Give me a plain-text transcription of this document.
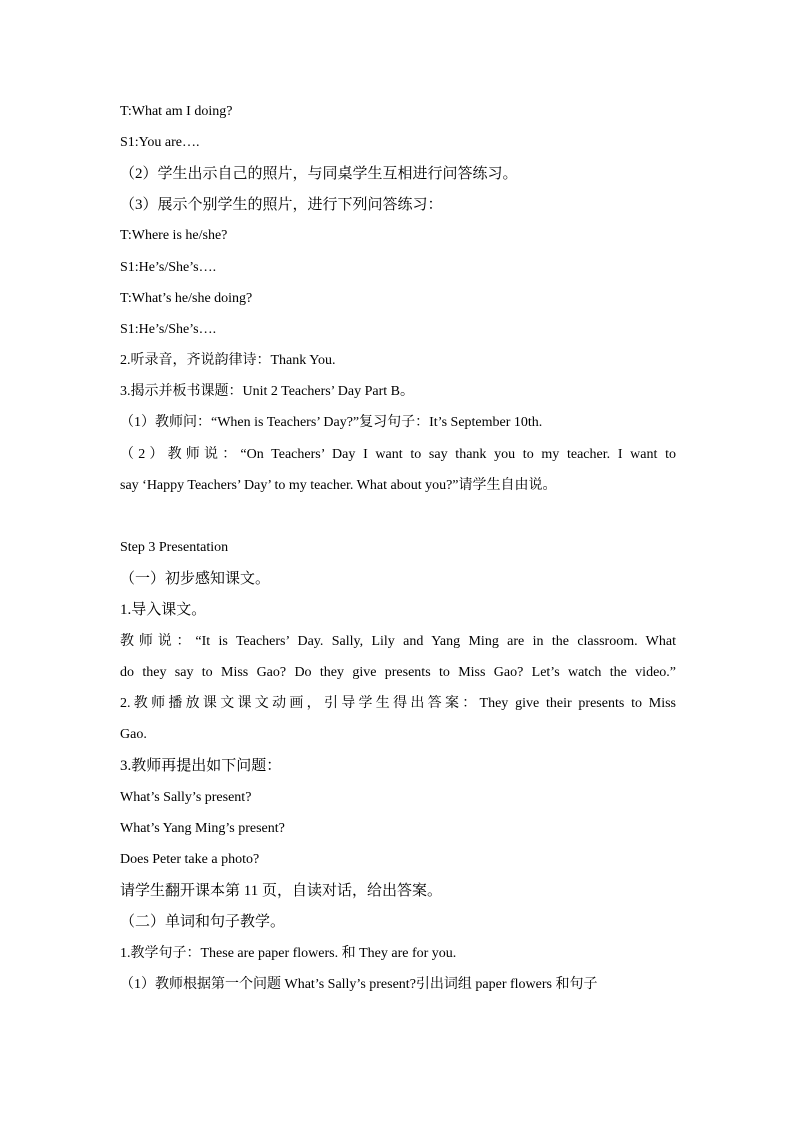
T:What am I doing?
S1:You are….
（2）学生出示自己的照片，与同桌学生互相进行问答练习。
（3）展示个别学生的照片，进行下列问答练习：
T:Where is he/she?
S1:He’s/She’s….
T:What’s he/she doing?
S1:He’s/She’s….
2.听录音，齐说韵律诗：Thank You.
3.揭示并板书课题：Unit 2 Teachers’ Day Part B。
（1）教师问：“When is Teachers’ Day?”复习句子：It’s September 10th.
（2）教师说：“On Teachers’ Day I want to say thank you to my teacher. I want to
say ‘Happy Teachers’ Day’ to my teacher. What about you?”请学生自由说。
Step 3 Presentation
（一）初步感知课文。
1.导入课文。
教师说：“It is Teachers’ Day. Sally, Lily and Yang Ming are in the classroom. What
do they say to Miss Gao? Do they give presents to Miss Gao? Let’s watch the video.”
2.教师播放课文课文动画，引导学生得出答案：They give their presents to Miss
Gao.
3.教师再提出如下问题：
What’s Sally’s present?
What’s Yang Ming’s present?
Does Peter take a photo?
请学生翻开课本第 11 页，自读对话，给出答案。
（二）单词和句子教学。
1.教学句子：These are paper flowers. 和 They are for you.
（1）教师根据第一个问题 What’s Sally’s present?引出词组 paper flowers 和句子
